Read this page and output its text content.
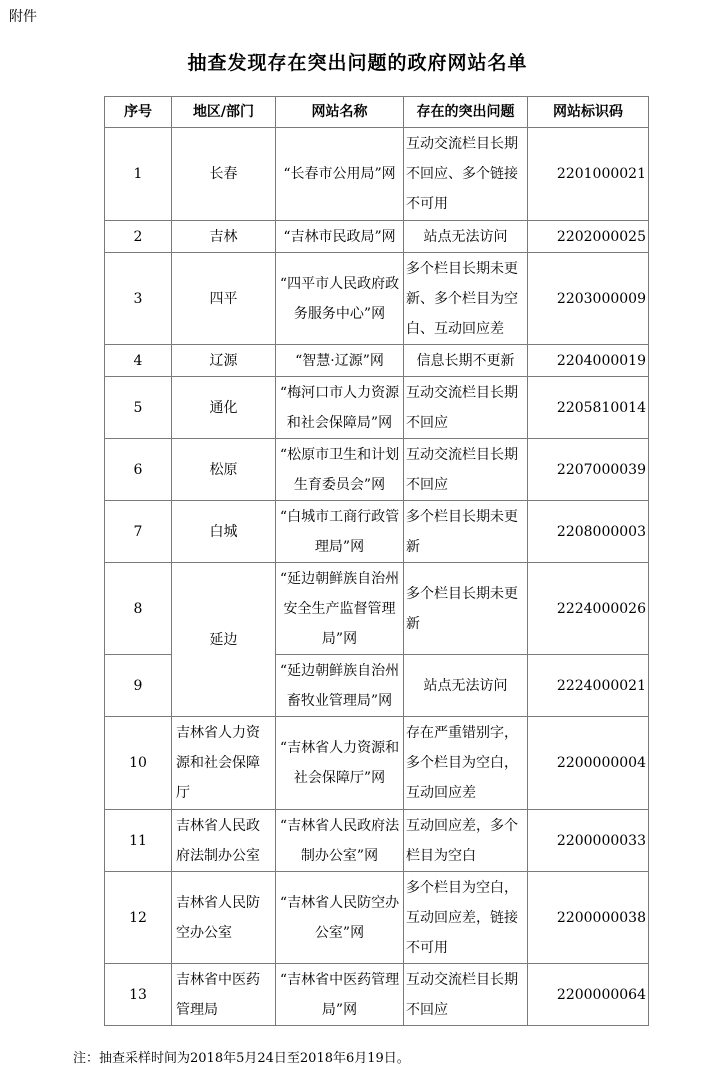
附件
抽查发现存在突出问题的政府网站名单
序号	地区/部门	网站名称	存在的突出问题	网站标识码
1	长春	“长春市公用局”网	互动交流栏目长期不回应、多个链接不可用	2201000021
2	吉林	“吉林市民政局”网	站点无法访问	2202000025
3	四平	“四平市人民政府政务服务中心”网	多个栏目长期未更新、多个栏目为空白、互动回应差	2203000009
4	辽源	“智慧·辽源”网	信息长期不更新	2204000019
5	通化	“梅河口市人力资源和社会保障局”网	互动交流栏目长期不回应	2205810014
6	松原	“松原市卫生和计划生育委员会”网	互动交流栏目长期不回应	2207000039
7	白城	“白城市工商行政管理局”网	多个栏目长期未更新	2208000003
8	延边	“延边朝鲜族自治州安全生产监督管理局”网	多个栏目长期未更新	2224000026
9		“延边朝鲜族自治州畜牧业管理局”网	站点无法访问	2224000021
10	吉林省人力资源和社会保障厅	“吉林省人力资源和社会保障厅”网	存在严重错别字，多个栏目为空白，互动回应差	2200000004
11	吉林省人民政府法制办公室	“吉林省人民政府法制办公室”网	互动回应差，多个栏目为空白	2200000033
12	吉林省人民防空办公室	“吉林省人民防空办公室”网	多个栏目为空白，互动回应差，链接不可用	2200000038
13	吉林省中医药管理局	“吉林省中医药管理局”网	互动交流栏目长期不回应	2200000064
注：抽查采样时间为2018年5月24日至2018年6月19日。
